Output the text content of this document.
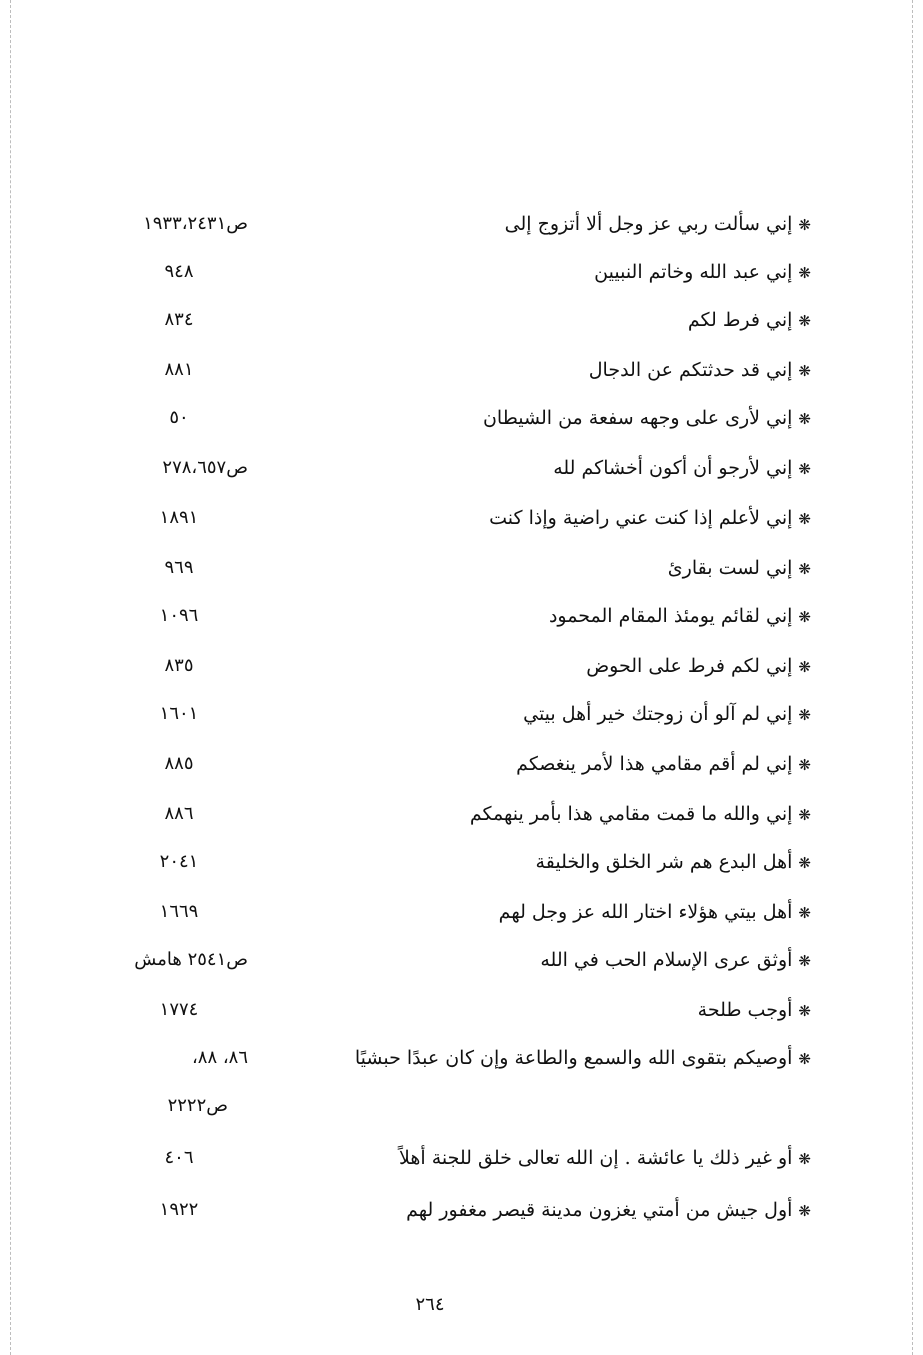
❋إني سألت ربي عز وجل ألا أتزوج إلى
ص١٩٣٣،٢٤٣١
❋إني عبد الله وخاتم النبيين
٩٤٨
❋إني فرط لكم
٨٣٤
❋إني قد حدثتكم عن الدجال
٨٨١
❋إني لأرى على وجهه سفعة من الشيطان
٥٠
❋إني لأرجو أن أكون أخشاكم لله
ص٢٧٨،٦٥٧
❋إني لأعلم إذا كنت عني راضية وإذا كنت
١٨٩١
❋إني لست بقارئ
٩٦٩
❋إني لقائم يومئذ المقام المحمود
١٠٩٦
❋إني لكم فرط على الحوض
٨٣٥
❋إني لم آلو أن زوجتك خير أهل بيتي
١٦٠١
❋إني لم أقم مقامي هذا لأمر ينغصكم
٨٨٥
❋إني والله ما قمت مقامي هذا بأمر ينهمكم
٨٨٦
❋أهل البدع هم شر الخلق والخليقة
٢٠٤١
❋أهل بيتي هؤلاء اختار الله عز وجل لهم
١٦٦٩
❋أوثق عرى الإسلام الحب في الله
ص٢٥٤١ هامش
❋أوجب طلحة
١٧٧٤
❋أوصيكم بتقوى الله والسمع والطاعة وإن كان عبدًا حبشيًا
٨٦، ٨٨،
ص٢٢٢٢
❋أو غير ذلك يا عائشة . إن الله تعالى خلق للجنة أهلاً
٤٠٦
❋أول جيش من أمتي يغزون مدينة قيصر مغفور لهم
١٩٢٢
٢٦٤
